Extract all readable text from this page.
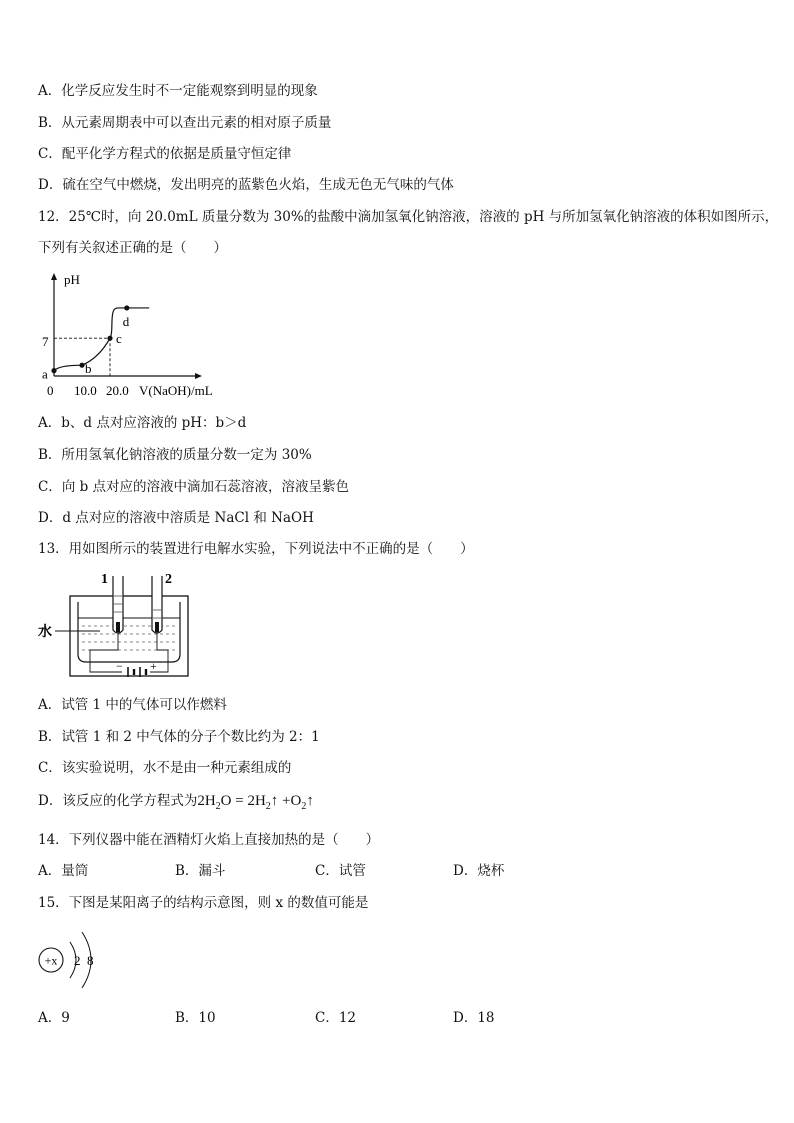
A．化学反应发生时不一定能观察到明显的现象
B．从元素周期表中可以查出元素的相对原子质量
C．配平化学方程式的依据是质量守恒定律
D．硫在空气中燃烧，发出明亮的蓝紫色火焰，生成无色无气味的气体
12．25℃时，向 20.0mL 质量分数为 30%的盐酸中滴加氢氧化钠溶液，溶液的 pH 与所加氢氧化钠溶液的体积如图所示，
下列有关叙述正确的是（　　）
pH
V(NaOH)/mL
0 10.0 20.0
7
a	b
c
d
A．b、d 点对应溶液的 pH：b＞d
B．所用氢氧化钠溶液的质量分数一定为 30%
C．向 b 点对应的溶液中滴加石蕊溶液，溶液呈紫色
D．d 点对应的溶液中溶质是 NaCl 和 NaOH
13．用如图所示的装置进行电解水实验，下列说法中不正确的是（　　）
1	2
− +
水
A．试管 1 中的气体可以作燃料
B．试管 1 和 2 中气体的分子个数比约为 2：1
C．该实验说明，水不是由一种元素组成的
D．该反应的化学方程式为$2H_2O$ = $2H_2↑$ $+O_2↑$
14．下列仪器中能在酒精灯火焰上直接加热的是（　　）
A．量筒	B．漏斗	C．试管	D．烧杯
15．下图是某阳离子的结构示意图，则 x 的数值可能是
+x 2 8
A．9	B．10	C．12	D．18
